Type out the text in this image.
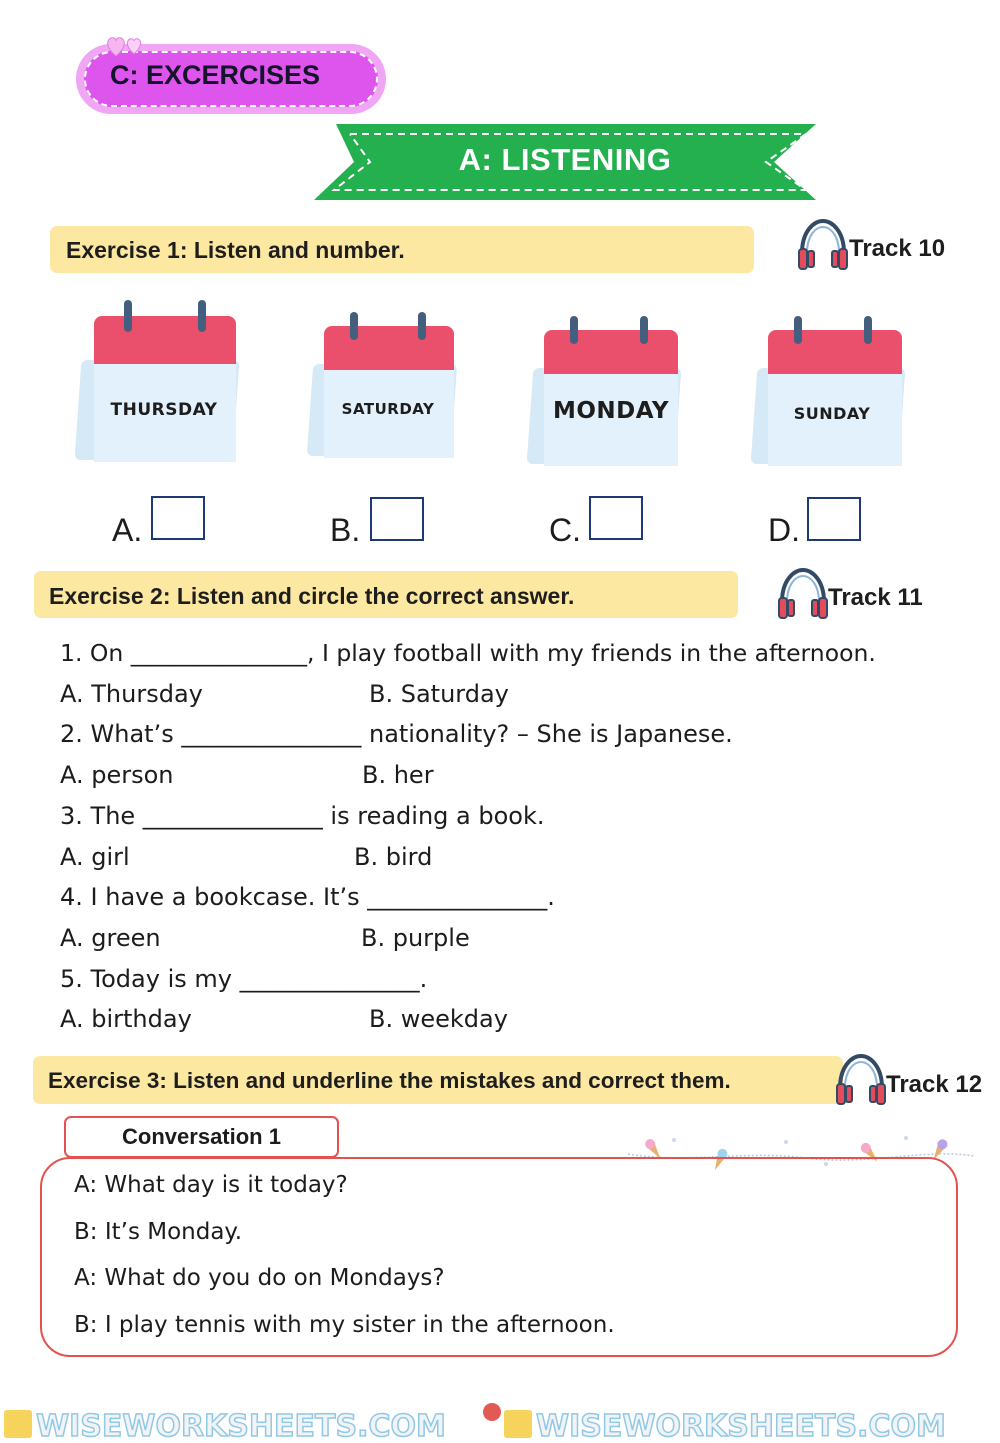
C: EXCERCISES
A: LISTENING
Exercise 1: Listen and number.	Track 10
THURSDAY	SATURDAY	MONDAY	SUNDAY
A.	B.	C.	D.
Exercise 2: Listen and circle the correct answer.	Track 11
1. On _______________, I play football with my friends in the afternoon.
A. Thursday	B. Saturday
2. What’s _______________ nationality? – She is Japanese.
A. person	B. her
3. The _______________ is reading a book.
A. girl	B. bird
4. I have a bookcase. It’s _______________.
A. green	B. purple
5. Today is my _______________.
A. birthday	B. weekday
Exercise 3: Listen and underline the mistakes and correct them.	Track 12
Conversation 1
A: What day is it today?
B: It’s Monday.
A: What do you do on Mondays?
B: I play tennis with my sister in the afternoon.
WISEWORKSHEETS.COM	WISEWORKSHEETS.COM
